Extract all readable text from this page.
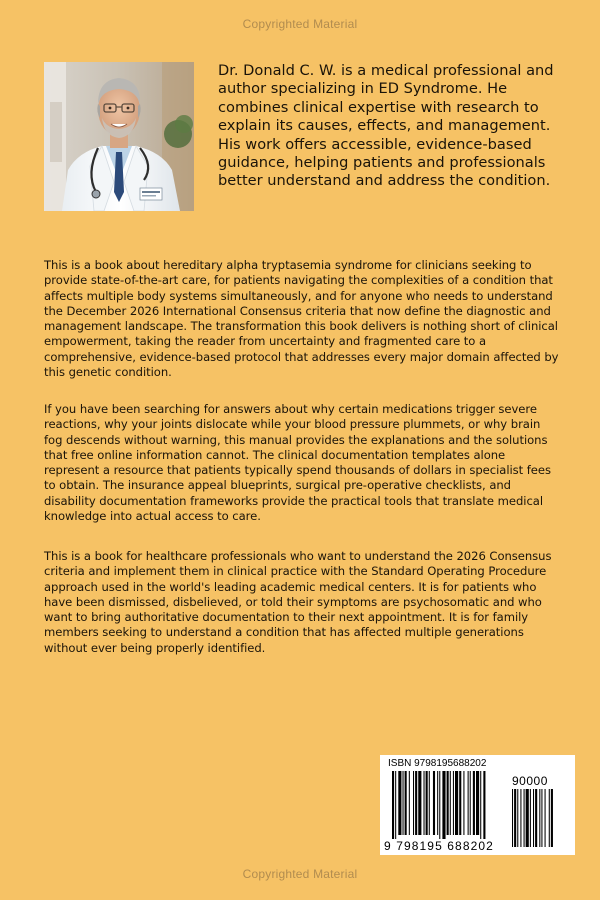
Copyrighted Material
Dr. Donald C. W. is a medical professional and author specializing in ED Syndrome. He combines clinical expertise with research to explain its causes, effects, and management. His work offers accessible, evidence-based guidance, helping patients and professionals better understand and address the condition.
This is a book about hereditary alpha tryptasemia syndrome for clinicians seeking to provide state-of-the-art care, for patients navigating the complexities of a condition that affects multiple body systems simultaneously, and for anyone who needs to understand the December 2026 International Consensus criteria that now define the diagnostic and management landscape. The transformation this book delivers is nothing short of clinical empowerment, taking the reader from uncertainty and fragmented care to a comprehensive, evidence-based protocol that addresses every major domain affected by this genetic condition.
If you have been searching for answers about why certain medications trigger severe reactions, why your joints dislocate while your blood pressure plummets, or why brain fog descends without warning, this manual provides the explanations and the solutions that free online information cannot. The clinical documentation templates alone represent a resource that patients typically spend thousands of dollars in specialist fees to obtain. The insurance appeal blueprints, surgical pre-operative checklists, and disability documentation frameworks provide the practical tools that translate medical knowledge into actual access to care.
This is a book for healthcare professionals who want to understand the 2026 Consensus criteria and implement them in clinical practice with the Standard Operating Procedure approach used in the world's leading academic medical centers. It is for patients who have been dismissed, disbelieved, or told their symptoms are psychosomatic and who want to bring authoritative documentation to their next appointment. It is for family members seeking to understand a condition that has affected multiple generations without ever being properly identified.
ISBN 9798195688202
90000
9 798195 688202
Copyrighted Material
